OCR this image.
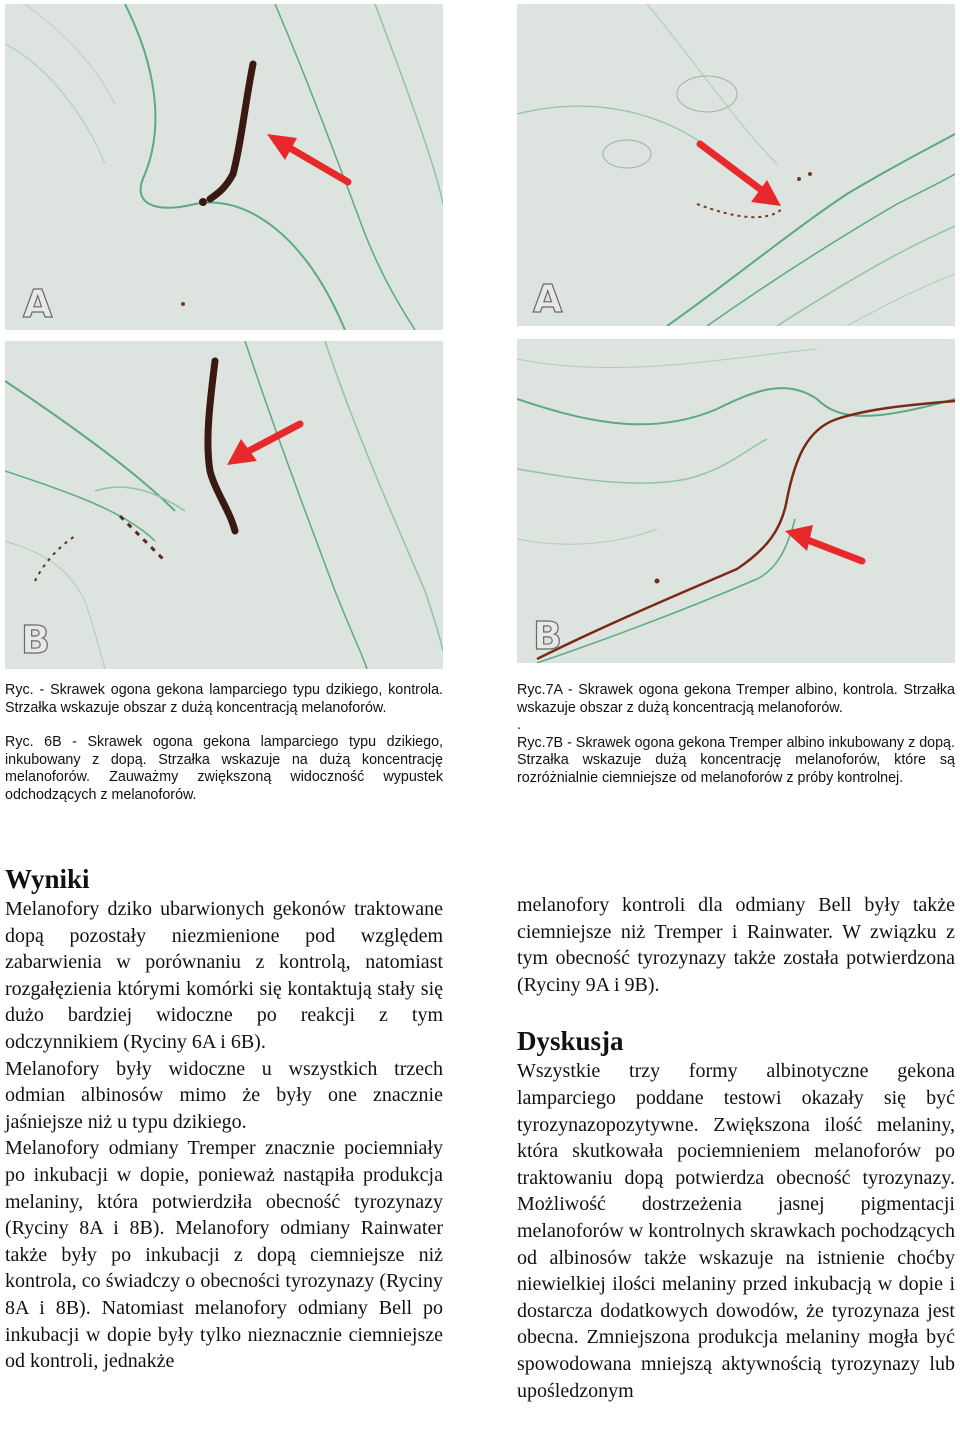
A
B
A
B

Ryc. - Skrawek ogona gekona lamparciego typu dzikiego, kontrola. Strzałka wskazuje obszar z dużą koncentracją melanoforów.

Ryc. 6B - Skrawek ogona gekona lamparciego typu dzikiego, inkubowany z dopą. Strzałka wskazuje na dużą koncentrację melanoforów. Zauważmy zwiększoną widoczność wypustek odchodzących z melanoforów.

Ryc.7A - Skrawek ogona gekona Tremper albino, kontrola. Strzałka wskazuje obszar z dużą koncentracją melanoforów.

.

Ryc.7B - Skrawek ogona gekona Tremper albino inkubowany z dopą. Strzałka wskazuje dużą koncentrację melanoforów, które są rozróżnialnie ciemniejsze od melanoforów z próby kontrolnej.

Wyniki

Melanofory dziko ubarwionych gekonów traktowane dopą pozostały niezmienione pod względem zabarwienia w porównaniu z kontrolą, natomiast rozgałęzienia którymi komórki się kontaktują stały się dużo bardziej widoczne po reakcji z tym odczynnikiem (Ryciny 6A i 6B).

Melanofory były widoczne u wszystkich trzech odmian albinosów mimo że były one znacznie jaśniejsze niż u typu dzikiego.

Melanofory odmiany Tremper znacznie pociemniały po inkubacji w dopie, ponieważ nastąpiła produkcja melaniny, która potwierdziła obecność tyrozynazy (Ryciny 8A i 8B). Melanofory odmiany Rainwater także były po inkubacji z dopą ciemniejsze niż kontrola, co świadczy o obecności tyrozynazy (Ryciny 8A i 8B). Natomiast melanofory odmiany Bell po inkubacji w dopie były tylko nieznacznie ciemniejsze od kontroli, jednakże

melanofory kontroli dla odmiany Bell były także ciemniejsze niż Tremper i Rainwater. W związku z tym obecność tyrozynazy także została potwierdzona (Ryciny 9A i 9B).

Dyskusja

Wszystkie trzy formy albinotyczne gekona lamparciego poddane testowi okazały się być tyrozynazopozytywne. Zwiększona ilość melaniny, która skutkowała pociemnieniem melanoforów po traktowaniu dopą potwierdza obecność tyrozynazy. Możliwość dostrzeżenia jasnej pigmentacji melanoforów w kontrolnych skrawkach pochodzących od albinosów także wskazuje na istnienie choćby niewielkiej ilości melaniny przed inkubacją w dopie i dostarcza dodatkowych dowodów, że tyrozynaza jest obecna. Zmniejszona produkcja melaniny mogła być spowodowana mniejszą aktywnością tyrozynazy lub upośledzonym
